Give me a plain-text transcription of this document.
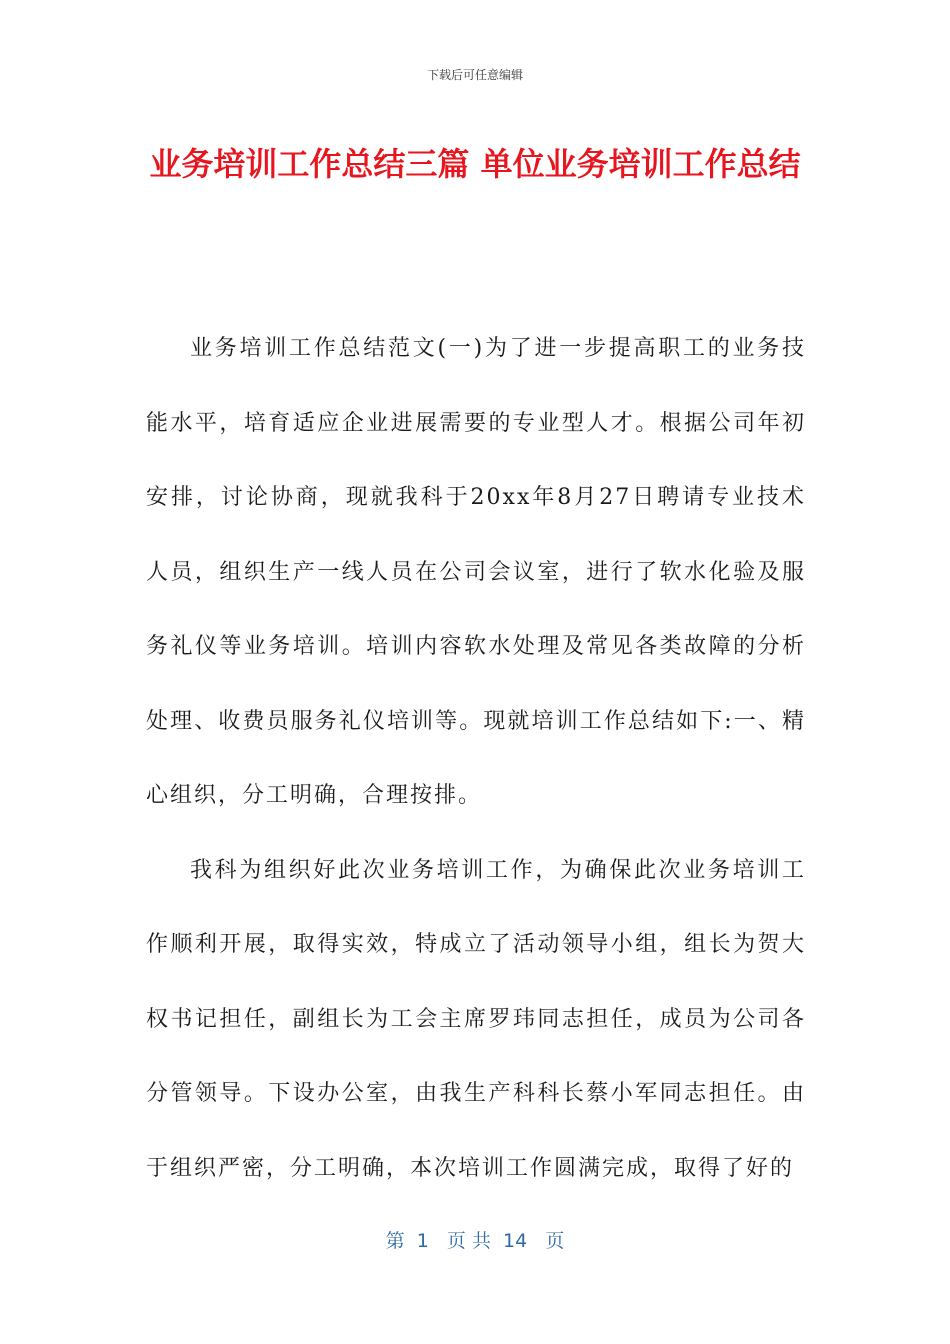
下载后可任意编辑
业务培训工作总结三篇 单位业务培训工作总结

业务培训工作总结范文(一)为了进一步提高职工的业务技能水平，培育适应企业进展需要的专业型人才。根据公司年初安排，讨论协商，现就我科于20xx年8月27日聘请专业技术人员，组织生产一线人员在公司会议室，进行了软水化验及服务礼仪等业务培训。培训内容软水处理及常见各类故障的分析处理、收费员服务礼仪培训等。现就培训工作总结如下:一、精心组织，分工明确，合理按排。

我科为组织好此次业务培训工作，为确保此次业务培训工作顺利开展，取得实效，特成立了活动领导小组，组长为贺大权书记担任，副组长为工会主席罗玮同志担任，成员为公司各分管领导。下设办公室，由我生产科科长蔡小军同志担任。由于组织严密，分工明确，本次培训工作圆满完成，取得了好的

第  1   页 共  14   页
